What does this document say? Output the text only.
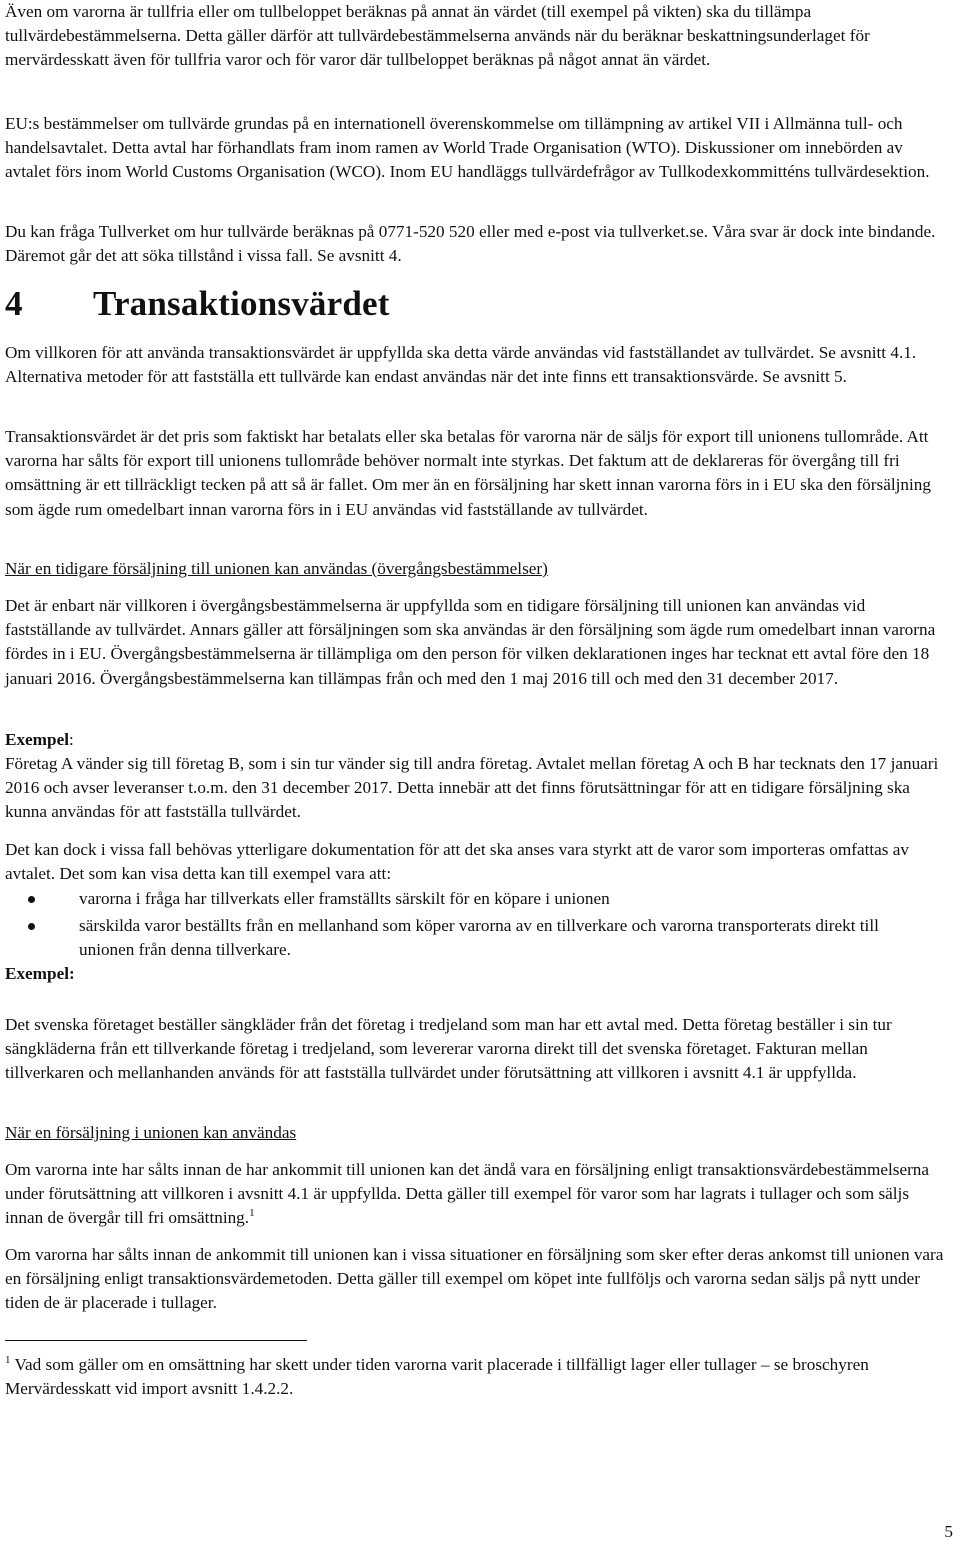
Även om varorna är tullfria eller om tullbeloppet beräknas på annat än värdet (till exempel på vikten) ska du tillämpa tullvärdebestämmelserna. Detta gäller därför att tullvärdebestämmelserna används när du beräknar beskattningsunderlaget för mervärdesskatt även för tullfria varor och för varor där tullbeloppet beräknas på något annat än värdet.

EU:s bestämmelser om tullvärde grundas på en internationell överenskommelse om tillämpning av artikel VII i Allmänna tull- och handelsavtalet. Detta avtal har förhandlats fram inom ramen av World Trade Organisation (WTO). Diskussioner om innebörden av avtalet förs inom World Customs Organisation (WCO). Inom EU handläggs tullvärdefrågor av Tullkodexkommitténs tullvärdesektion.

Du kan fråga Tullverket om hur tullvärde beräknas på 0771-520 520 eller med e-post via tullverket.se. Våra svar är dock inte bindande. Däremot går det att söka tillstånd i vissa fall. Se avsnitt 4.

4 Transaktionsvärdet

Om villkoren för att använda transaktionsvärdet är uppfyllda ska detta värde användas vid fastställandet av tullvärdet. Se avsnitt 4.1. Alternativa metoder för att fastställa ett tullvärde kan endast användas när det inte finns ett transaktionsvärde. Se avsnitt 5.

Transaktionsvärdet är det pris som faktiskt har betalats eller ska betalas för varorna när de säljs för export till unionens tullområde. Att varorna har sålts för export till unionens tullområde behöver normalt inte styrkas. Det faktum att de deklareras för övergång till fri omsättning är ett tillräckligt tecken på att så är fallet. Om mer än en försäljning har skett innan varorna förs in i EU ska den försäljning som ägde rum omedelbart innan varorna förs in i EU användas vid fastställande av tullvärdet.

När en tidigare försäljning till unionen kan användas (övergångsbestämmelser)

Det är enbart när villkoren i övergångsbestämmelserna är uppfyllda som en tidigare försäljning till unionen kan användas vid fastställande av tullvärdet. Annars gäller att försäljningen som ska användas är den försäljning som ägde rum omedelbart innan varorna fördes in i EU. Övergångsbestämmelserna är tillämpliga om den person för vilken deklarationen inges har tecknat ett avtal före den 18 januari 2016. Övergångsbestämmelserna kan tillämpas från och med den 1 maj 2016 till och med den 31 december 2017.

Exempel:

Företag A vänder sig till företag B, som i sin tur vänder sig till andra företag. Avtalet mellan företag A och B har tecknats den 17 januari 2016 och avser leveranser t.o.m. den 31 december 2017. Detta innebär att det finns förutsättningar för att en tidigare försäljning ska kunna användas för att fastställa tullvärdet.

Det kan dock i vissa fall behövas ytterligare dokumentation för att det ska anses vara styrkt att de varor som importeras omfattas av avtalet. Det som kan visa detta kan till exempel vara att:

varorna i fråga har tillverkats eller framställts särskilt för en köpare i unionen
särskilda varor beställts från en mellanhand som köper varorna av en tillverkare och varorna transporterats direkt till unionen från denna tillverkare.

Exempel:

Det svenska företaget beställer sängkläder från det företag i tredjeland som man har ett avtal med. Detta företag beställer i sin tur sängkläderna från ett tillverkande företag i tredjeland, som levererar varorna direkt till det svenska företaget. Fakturan mellan tillverkaren och mellanhanden används för att fastställa tullvärdet under förutsättning att villkoren i avsnitt 4.1 är uppfyllda.

När en försäljning i unionen kan användas

Om varorna inte har sålts innan de har ankommit till unionen kan det ändå vara en försäljning enligt transaktionsvärdebestämmelserna under förutsättning att villkoren i avsnitt 4.1 är uppfyllda. Detta gäller till exempel för varor som har lagrats i tullager och som säljs innan de övergår till fri omsättning.$^1$

Om varorna har sålts innan de ankommit till unionen kan i vissa situationer en försäljning som sker efter deras ankomst till unionen vara en försäljning enligt transaktionsvärdemetoden. Detta gäller till exempel om köpet inte fullföljs och varorna sedan säljs på nytt under tiden de är placerade i tullager.

$^1$ Vad som gäller om en omsättning har skett under tiden varorna varit placerade i tillfälligt lager eller tullager – se broschyren Mervärdesskatt vid import avsnitt 1.4.2.2.

5
